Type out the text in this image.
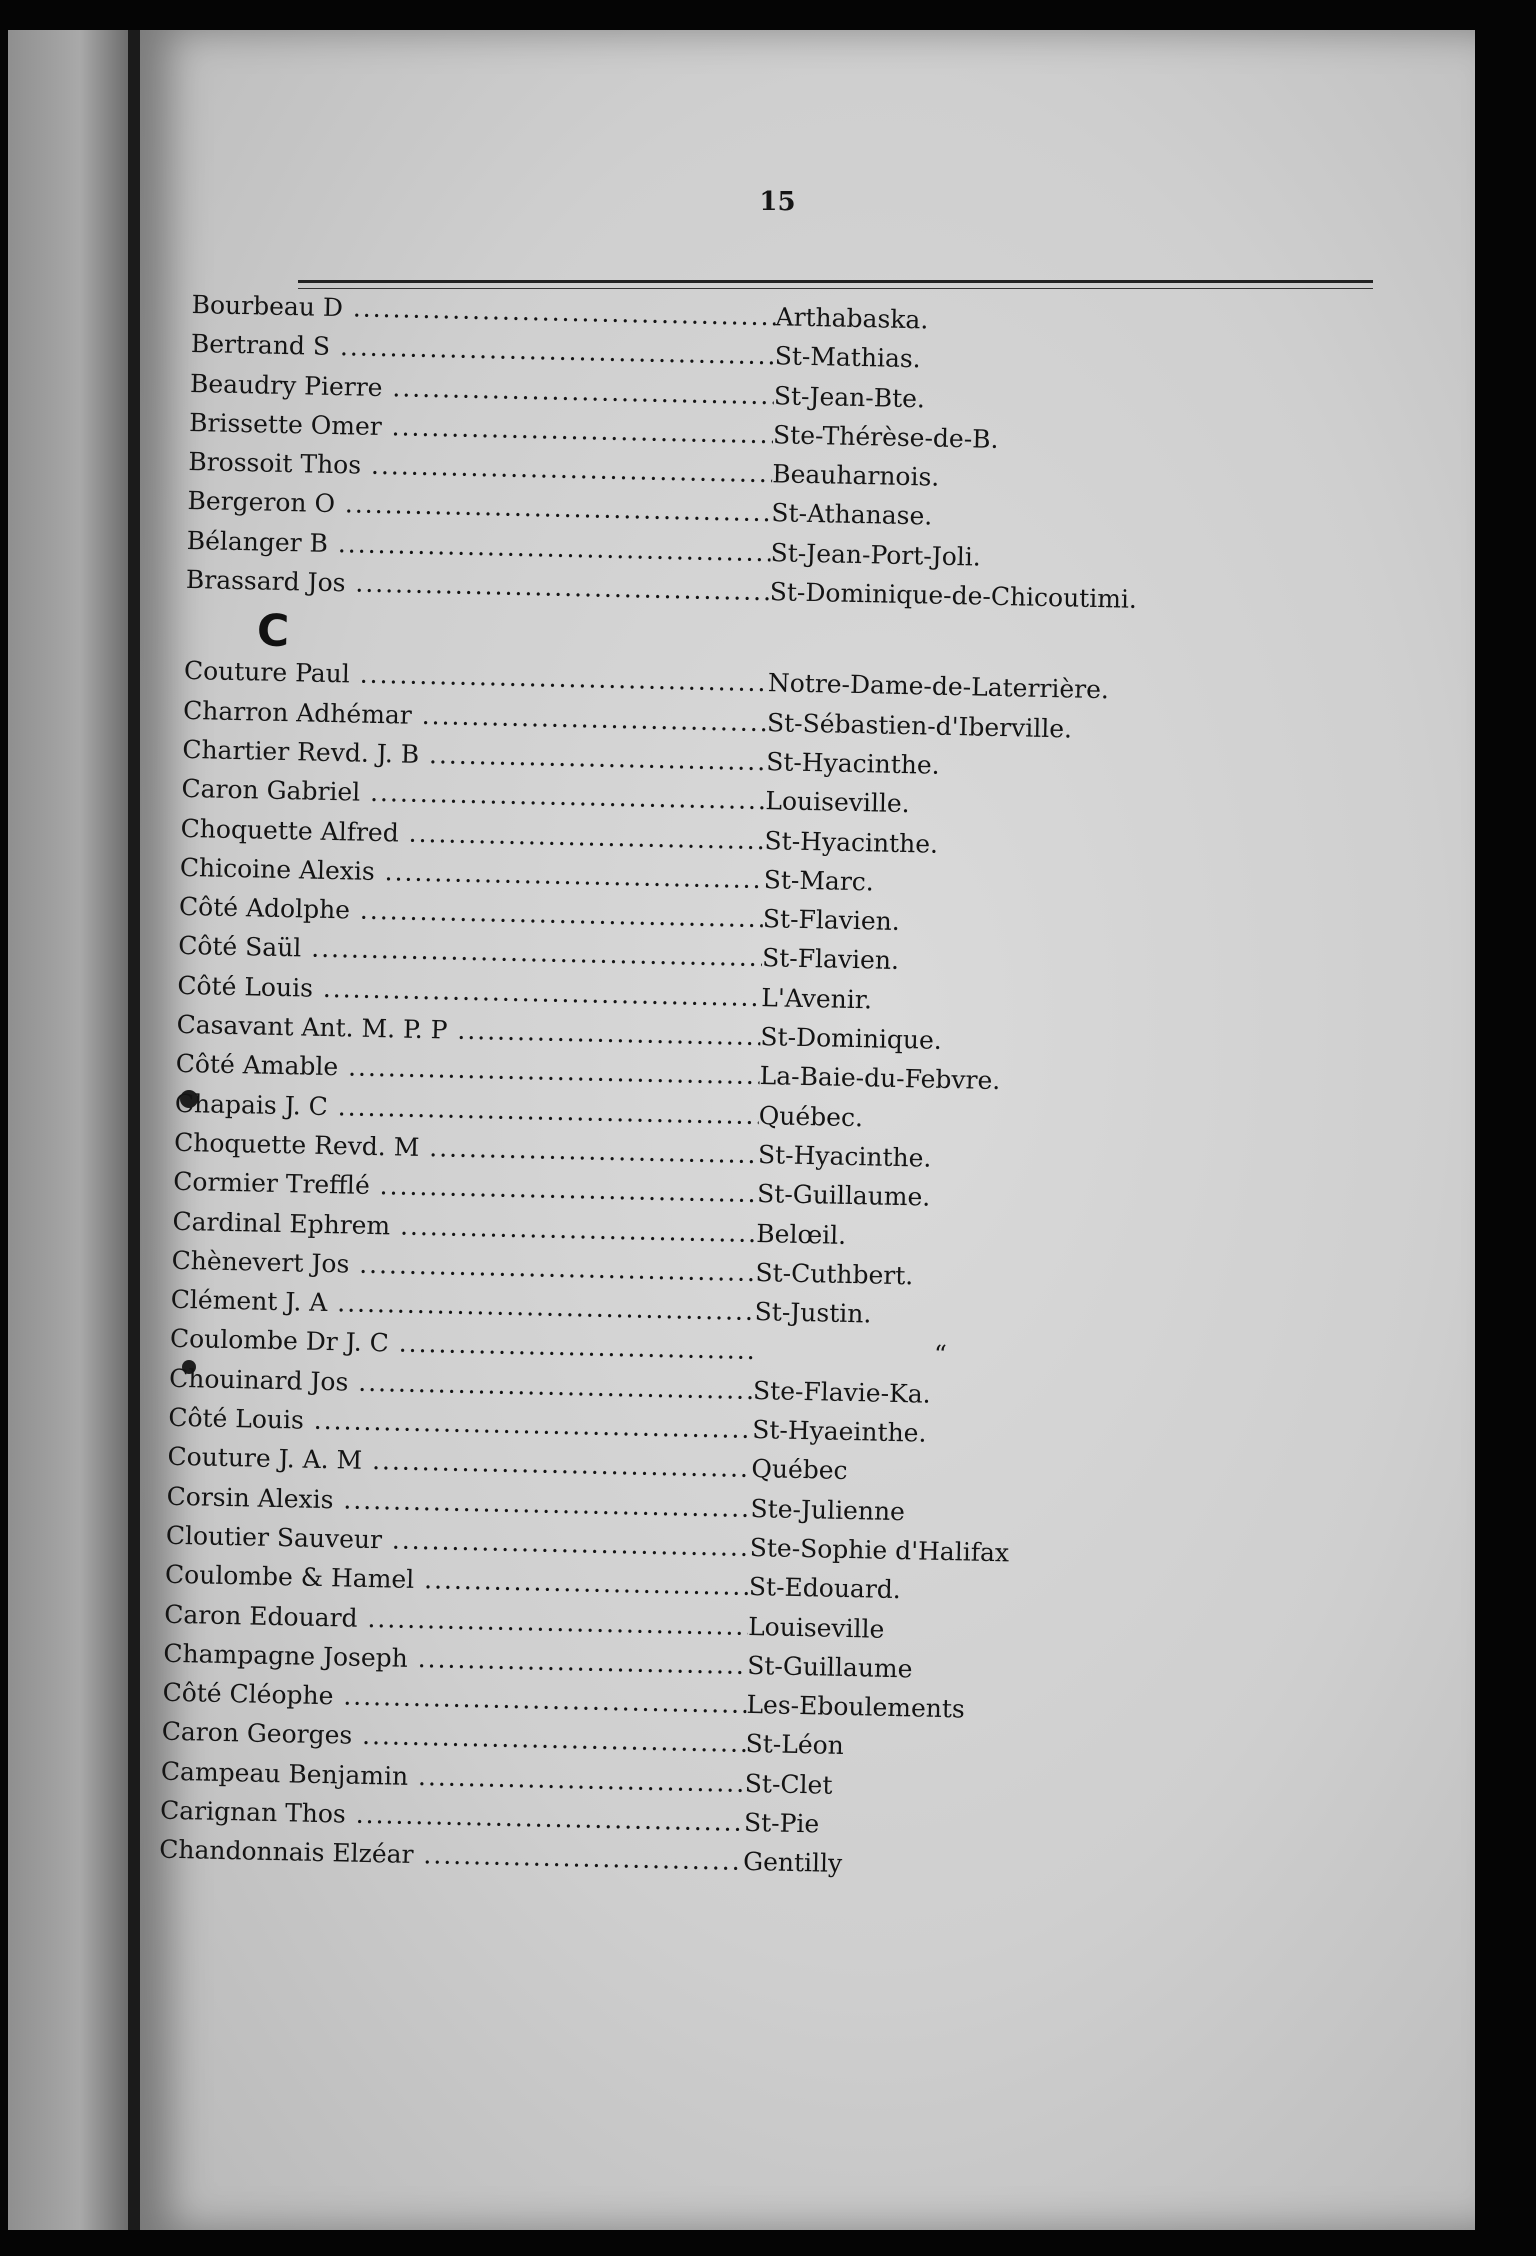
15
Bourbeau D .....	Arthabaska.
Bertrand S .....	St-Mathias.
Beaudry Pierre .....	St-Jean-Bte.
Brissette Omer .....	Ste-Thérèse-de-B.
Brossoit Thos .....	Beauharnois.
Bergeron O .....	St-Athanase.
Bélanger B .....	St-Jean-Port-Joli.
Brassard Jos .....	St-Dominique-de-Chicoutimi.
C
Couture Paul .....	Notre-Dame-de-Laterrière.
Charron Adhémar .....	St-Sébastien-d'Iberville.
Chartier Revd. J. B .....	St-Hyacinthe.
Caron Gabriel .....	Louiseville.
Choquette Alfred .....	St-Hyacinthe.
Chicoine Alexis .....	St-Marc.
Côté Adolphe .....	St-Flavien.
Côté Saül .....	St-Flavien.
Côté Louis .....	L'Avenir.
Casavant Ant. M. P. P .....	St-Dominique.
Côté Amable .....	La-Baie-du-Febvre.
Chapais J. C .....	Québec.
Choquette Revd. M .....	St-Hyacinthe.
Cormier Trefflé .....	St-Guillaume.
Cardinal Ephrem .....	Belœil.
Chènevert Jos .....	St-Cuthbert.
Clément J. A .....	St-Justin.
Coulombe Dr J. C .....	“
Chouinard Jos .....	Ste-Flavie-Ka.
Côté Louis .....	St-Hyaeinthe.
Couture J. A. M .....	Québec
Corsin Alexis .....	Ste-Julienne
Cloutier Sauveur .....	Ste-Sophie d'Halifax
Coulombe & Hamel .....	St-Edouard.
Caron Edouard .....	Louiseville
Champagne Joseph .....	St-Guillaume
Côté Cléophe .....	Les-Eboulements
Caron Georges .....	St-Léon
Campeau Benjamin .....	St-Clet
Carignan Thos .....	St-Pie
Chandonnais Elzéar .....	Gentilly
